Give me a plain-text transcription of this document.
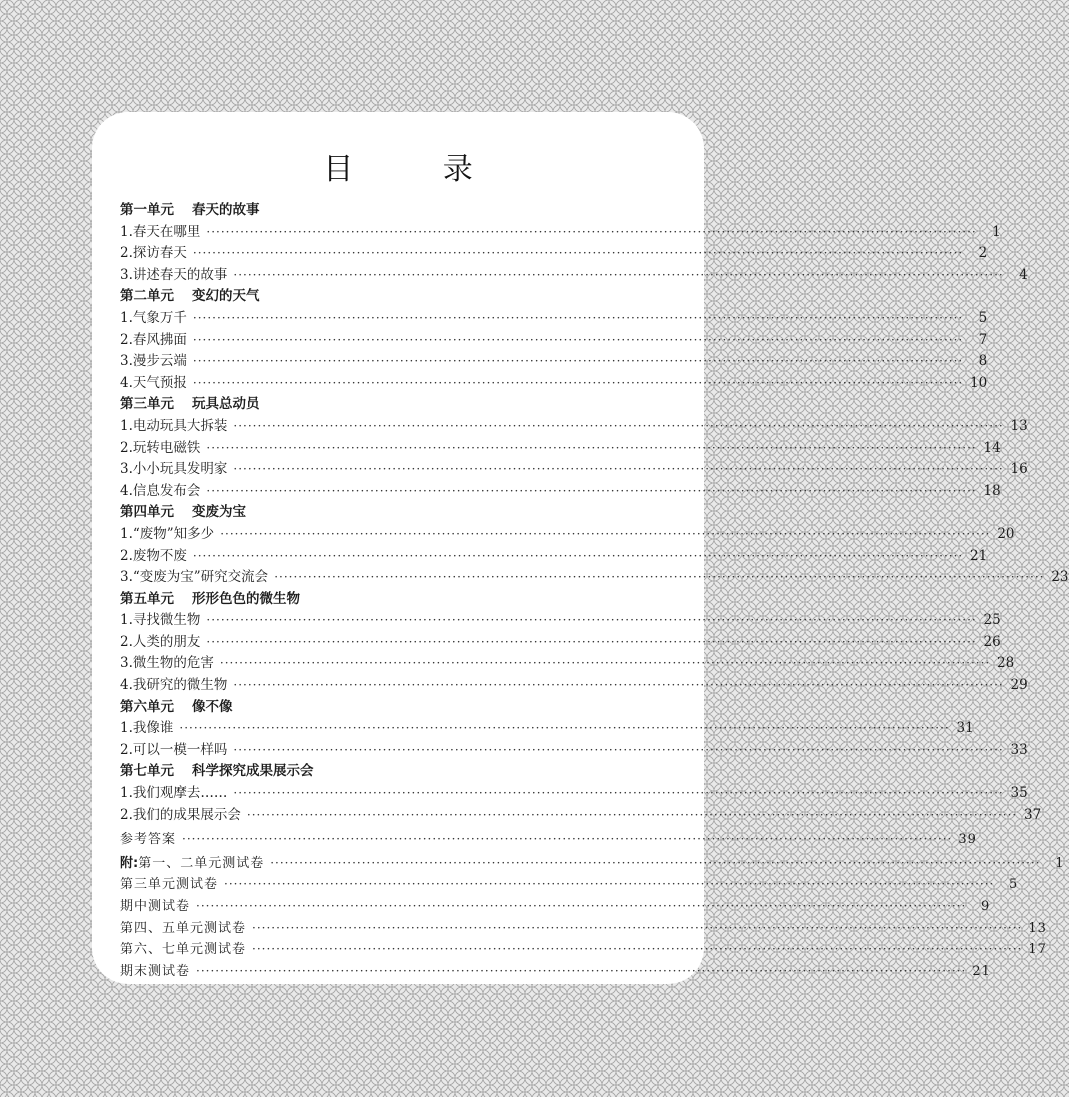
目 录
第一单元 春天的故事
1.春天在哪里 ································································································································································	1
2.探访春天 ································································································································································	2
3.讲述春天的故事 ································································································································································	4
第二单元 变幻的天气
1.气象万千 ································································································································································	5
2.春风拂面 ································································································································································	7
3.漫步云端 ································································································································································	8
4.天气预报 ································································································································································ 10
第三单元 玩具总动员
1.电动玩具大拆装 ································································································································································ 13
2.玩转电磁铁 ································································································································································ 14
3.小小玩具发明家 ································································································································································ 16
4.信息发布会 ································································································································································ 18
第四单元 变废为宝
1.“废物”知多少 ································································································································································ 20
2.废物不废 ································································································································································ 21
3.“变废为宝”研究交流会 ································································································································································ 23
第五单元 形形色色的微生物
1.寻找微生物 ································································································································································ 25
2.人类的朋友 ································································································································································ 26
3.微生物的危害 ································································································································································ 28
4.我研究的微生物 ································································································································································ 29
第六单元 像不像
1.我像谁 ································································································································································ 31
2.可以一模一样吗 ································································································································································ 33
第七单元 科学探究成果展示会
1.我们观摩去…… ································································································································································ 35
2.我们的成果展示会 ································································································································································ 37
参考答案 ································································································································································ 39
附: 第一、二单元测试卷 ································································································································································	1
第三单元测试卷 ································································································································································	5
期中测试卷 ································································································································································	9
第四、五单元测试卷 ································································································································································ 13
第六、七单元测试卷 ································································································································································ 17
期末测试卷 ································································································································································ 21
